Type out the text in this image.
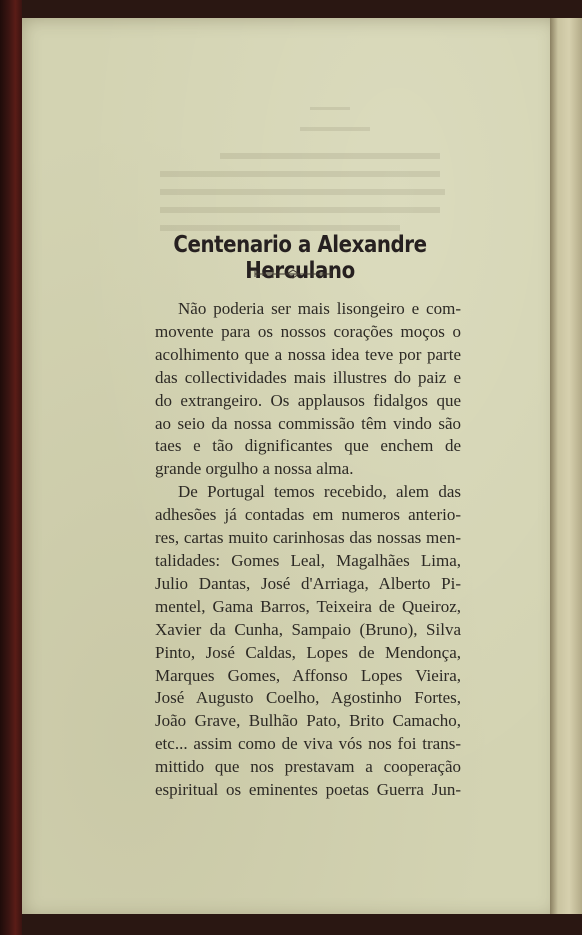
Centenario a Alexandre Herculano
Não poderia ser mais lisongeiro e com-
movente para os nossos corações moços o
acolhimento que a nossa idea teve por parte
das collectividades mais illustres do paiz e
do extrangeiro. Os applausos fidalgos que
ao seio da nossa commissão têm vindo são
taes e tão dignificantes que enchem de
grande orgulho a nossa alma.
De Portugal temos recebido, alem das
adhesões já contadas em numeros anterio-
res, cartas muito carinhosas das nossas men-
talidades: Gomes Leal, Magalhães Lima,
Julio Dantas, José d'Arriaga, Alberto Pi-
mentel, Gama Barros, Teixeira de Queiroz,
Xavier da Cunha, Sampaio (Bruno), Silva
Pinto, José Caldas, Lopes de Mendonça,
Marques Gomes, Affonso Lopes Vieira,
José Augusto Coelho, Agostinho Fortes,
João Grave, Bulhão Pato, Brito Camacho,
etc... assim como de viva vós nos foi trans-
mittido que nos prestavam a cooperação
espiritual os eminentes poetas Guerra Jun-
